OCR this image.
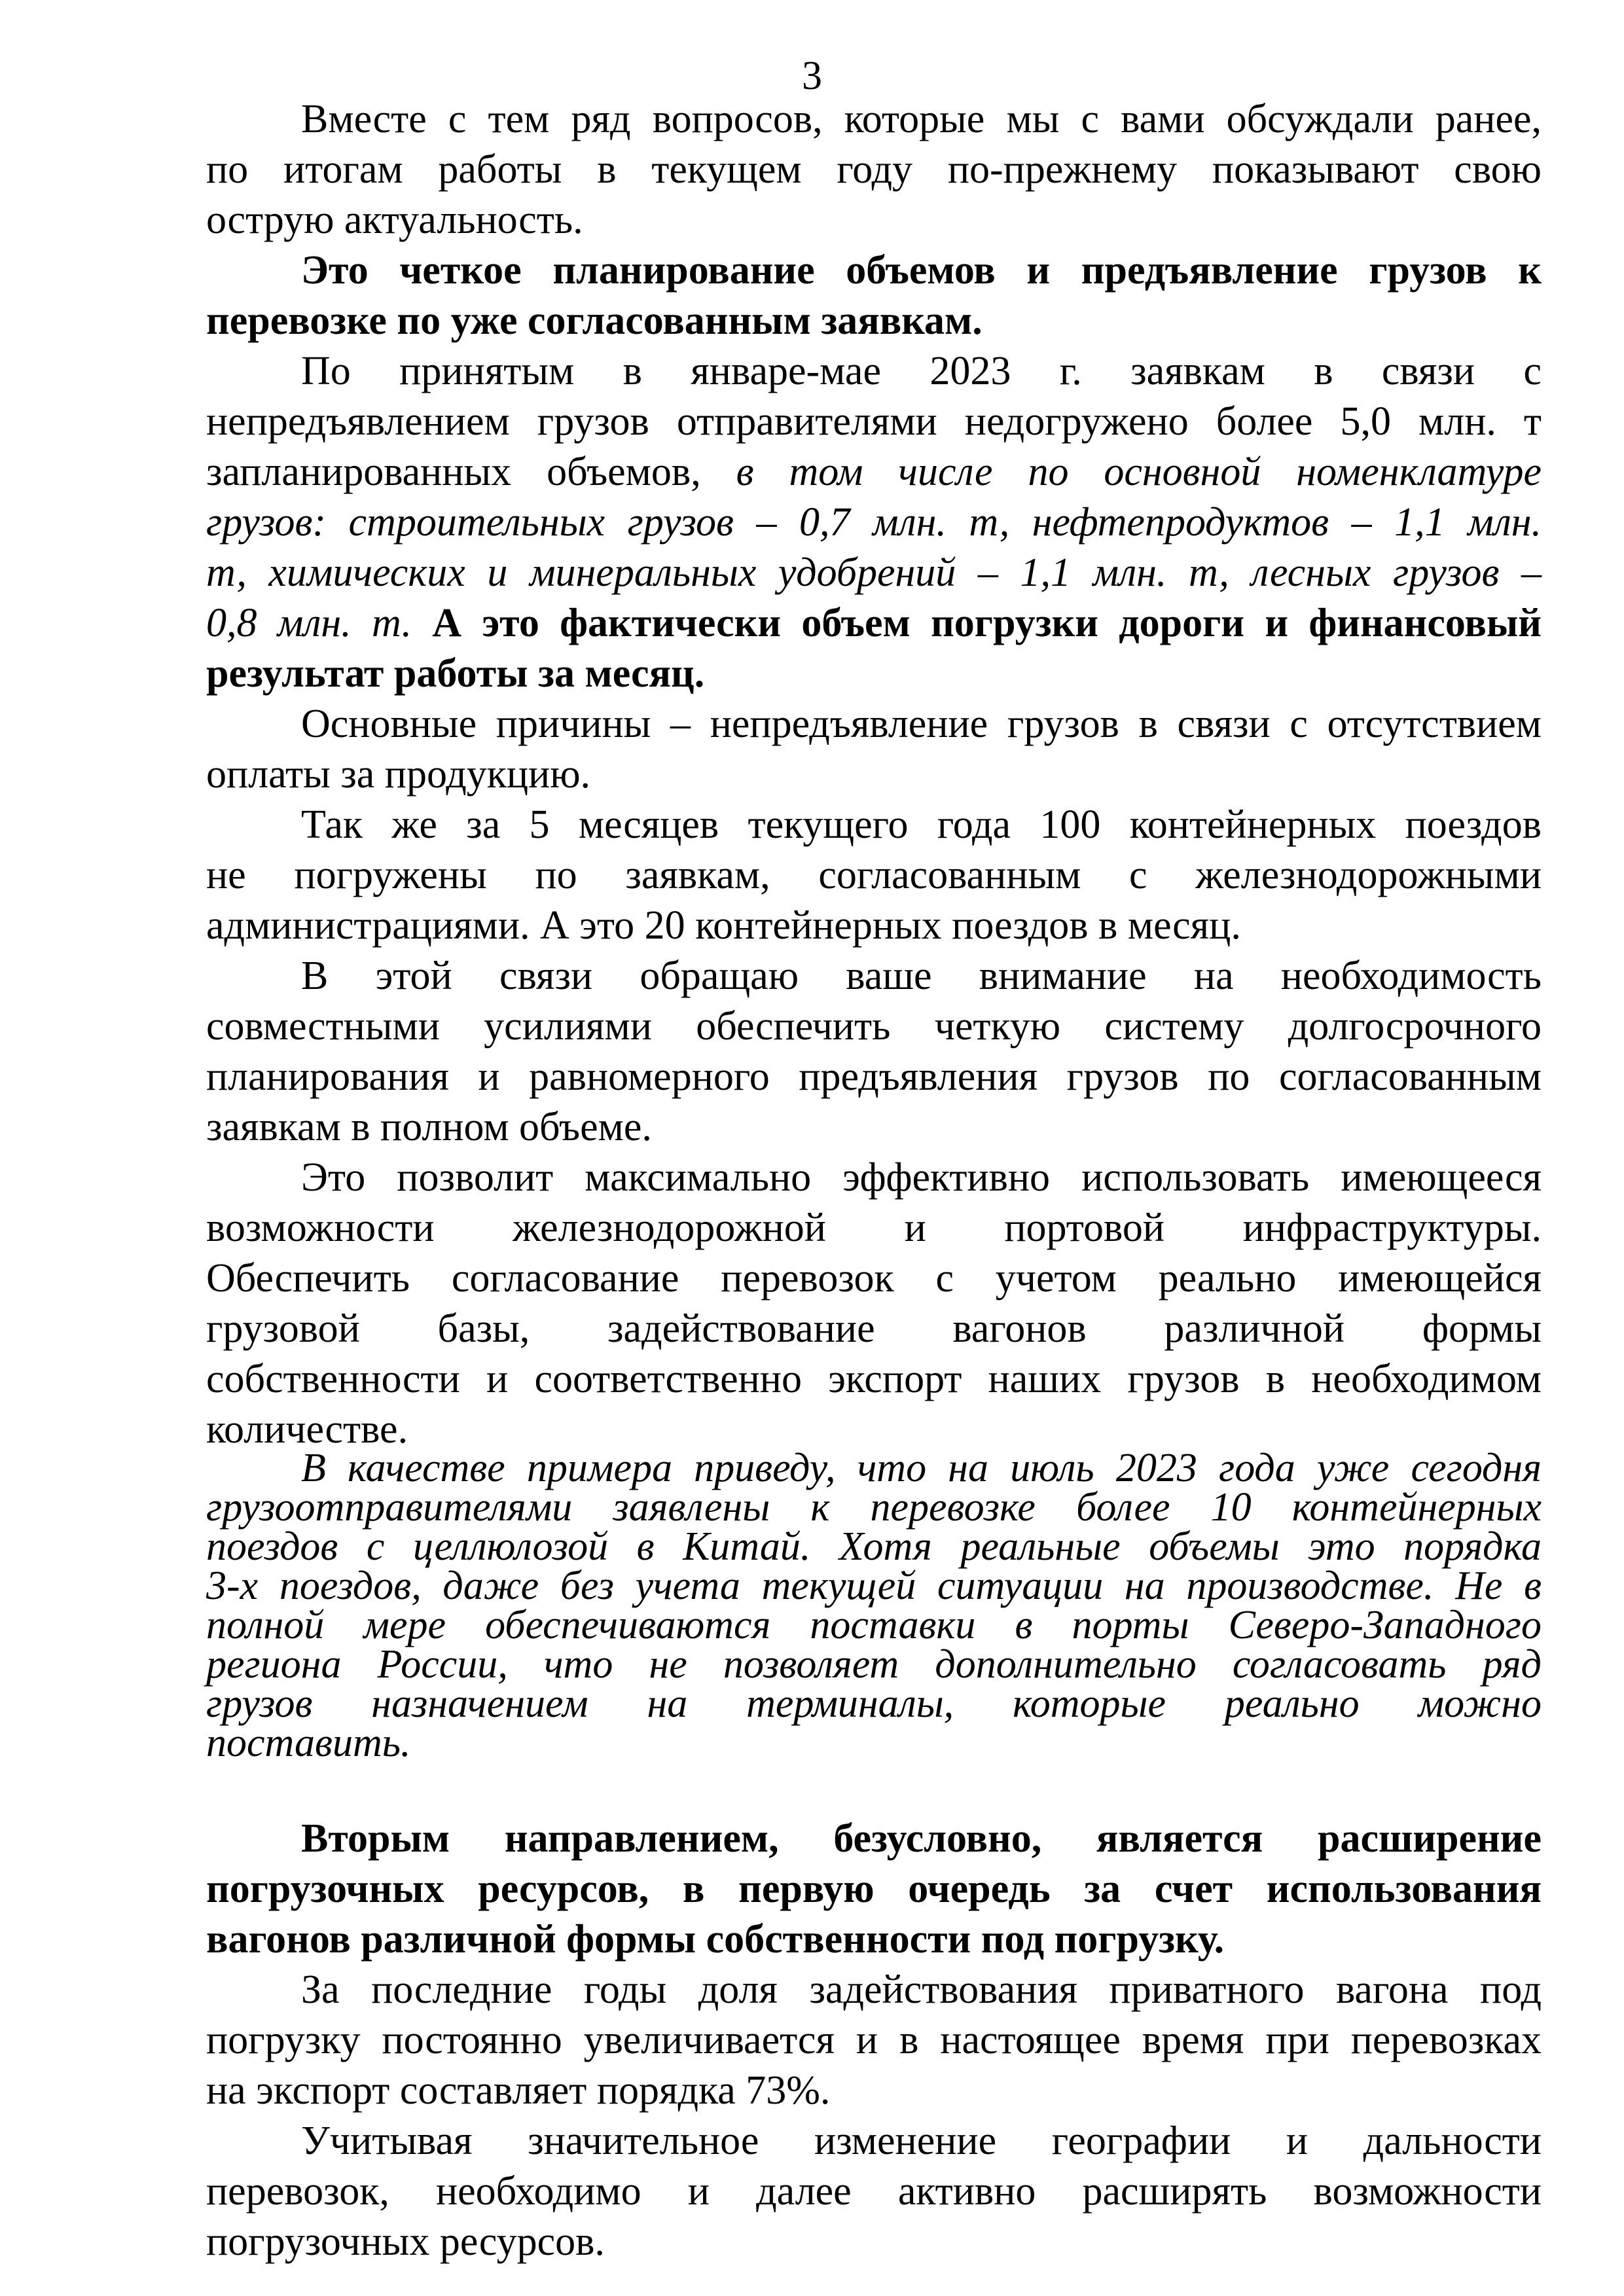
3
Вместе с тем ряд вопросов, которые мы с вами обсуждали ранее,
по итогам работы в текущем году по-прежнему показывают свою
острую актуальность.
Это четкое планирование объемов и предъявление грузов к
перевозке по уже согласованным заявкам.
По принятым в январе-мае 2023 г. заявкам в связи с
непредъявлением грузов отправителями недогружено более 5,0 млн. т
запланированных объемов, в том числе по основной номенклатуре
грузов: строительных грузов – 0,7 млн. т, нефтепродуктов – 1,1 млн.
т, химических и минеральных удобрений – 1,1 млн. т, лесных грузов –
0,8 млн. т. А это фактически объем погрузки дороги и финансовый
результат работы за месяц.
Основные причины – непредъявление грузов в связи с отсутствием
оплаты за продукцию.
Так же за 5 месяцев текущего года 100 контейнерных поездов
не погружены по заявкам, согласованным с железнодорожными
администрациями. А это 20 контейнерных поездов в месяц.
В этой связи обращаю ваше внимание на необходимость
совместными усилиями обеспечить четкую систему долгосрочного
планирования и равномерного предъявления грузов по согласованным
заявкам в полном объеме.
Это позволит максимально эффективно использовать имеющееся
возможности железнодорожной и портовой инфраструктуры.
Обеспечить согласование перевозок с учетом реально имеющейся
грузовой базы, задействование вагонов различной формы
собственности и соответственно экспорт наших грузов в необходимом
количестве.
В качестве примера приведу, что на июль 2023 года уже сегодня
грузоотправителями заявлены к перевозке более 10 контейнерных
поездов с целлюлозой в Китай. Хотя реальные объемы это порядка
3-х поездов, даже без учета текущей ситуации на производстве. Не в
полной мере обеспечиваются поставки в порты Северо-Западного
региона России, что не позволяет дополнительно согласовать ряд
грузов назначением на терминалы, которые реально можно
поставить.
Вторым направлением, безусловно, является расширение
погрузочных ресурсов, в первую очередь за счет использования
вагонов различной формы собственности под погрузку.
За последние годы доля задействования приватного вагона под
погрузку постоянно увеличивается и в настоящее время при перевозках
на экспорт составляет порядка 73%.
Учитывая значительное изменение географии и дальности
перевозок, необходимо и далее активно расширять возможности
погрузочных ресурсов.
